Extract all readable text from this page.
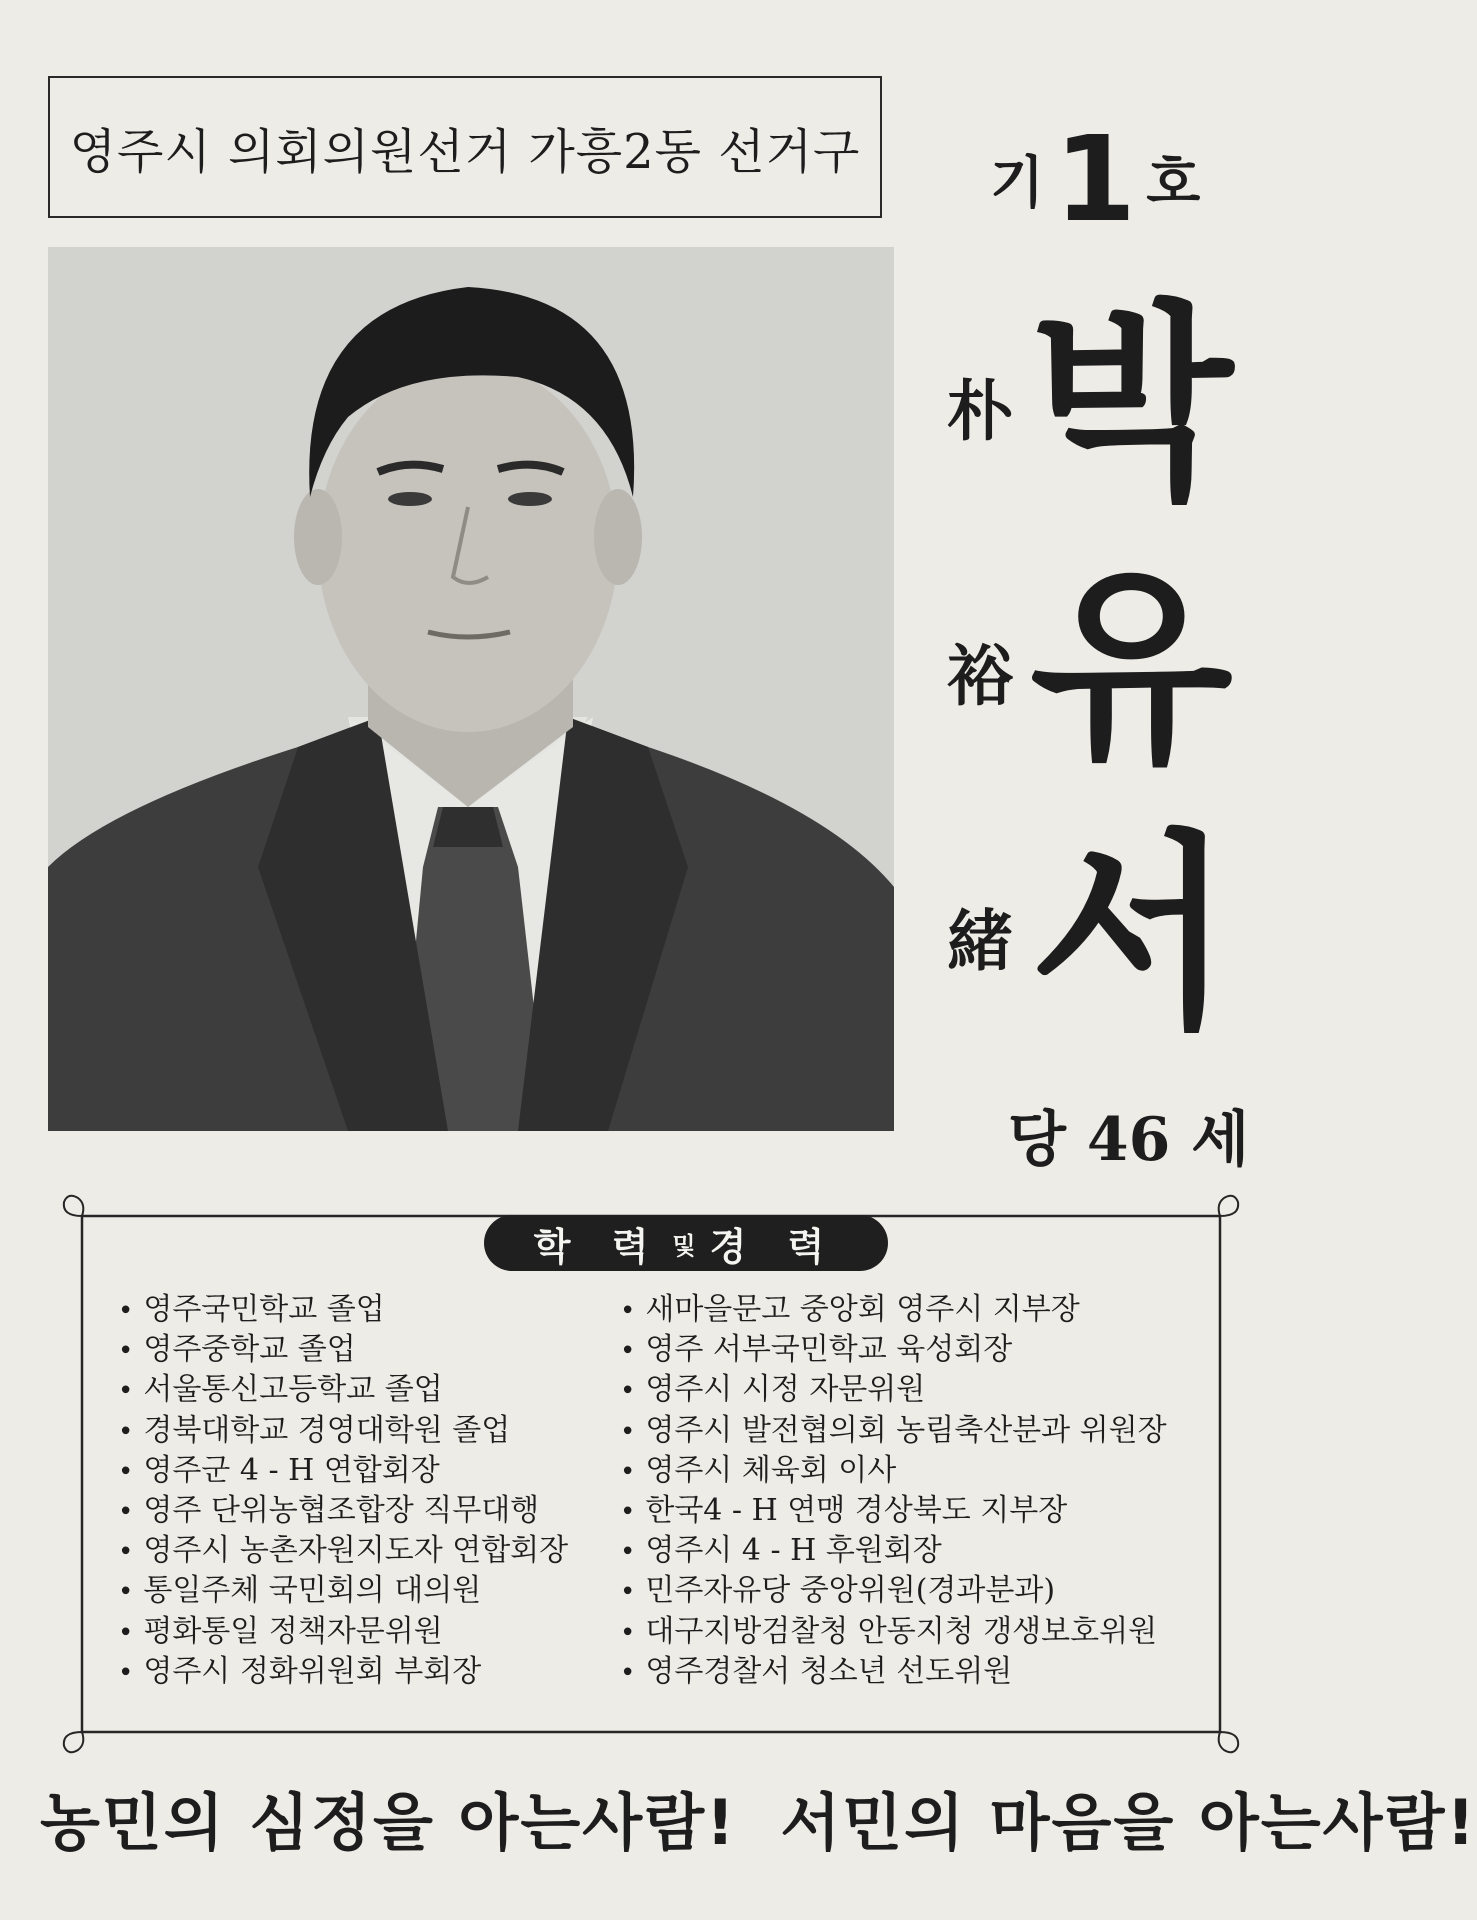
영주시 의회의원선거 가흥2동 선거구 기 1 호
朴 박
裕 유
緒 서
당 46 세
학 력 및 경 력
• 영주국민학교 졸업
• 영주중학교 졸업
• 서울통신고등학교 졸업
• 경북대학교 경영대학원 졸업
• 영주군 4 - H 연합회장
• 영주 단위농협조합장 직무대행
• 영주시 농촌자원지도자 연합회장
• 통일주체 국민회의 대의원
• 평화통일 정책자문위원
• 영주시 정화위원회 부회장
• 새마을문고 중앙회 영주시 지부장
• 영주 서부국민학교 육성회장
• 영주시 시정 자문위원
• 영주시 발전협의회 농림축산분과 위원장
• 영주시 체육회 이사
• 한국4 - H 연맹 경상북도 지부장
• 영주시 4 - H 후원회장
• 민주자유당 중앙위원(경과분과)
• 대구지방검찰청 안동지청 갱생보호위원
• 영주경찰서 청소년 선도위원
농민의 심정을 아는사람! 서민의 마음을 아는사람!
